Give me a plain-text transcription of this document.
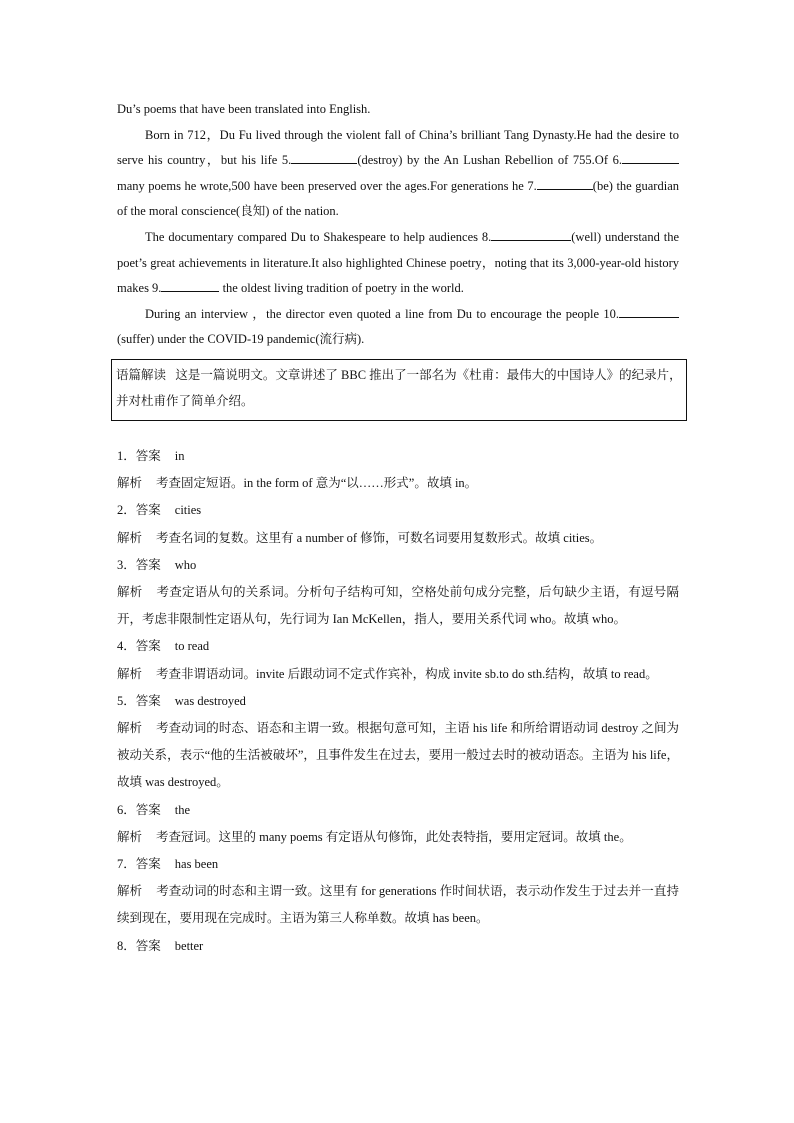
Du’s poems that have been translated into English.

Born in 712，Du Fu lived through the violent fall of China’s brilliant Tang Dynasty.He had the desire to serve his country，but his life 5.	(destroy) by the An Lushan Rebellion of 755.Of 6.many poems he wrote,500 have been preserved over the ages.For generations he 7.	(be) the guardian of the moral conscience(良知) of the nation.

The documentary compared Du to Shakespeare to help audiences 8.	(well) understand the poet’s great achievements in literature.It also highlighted Chinese poetry，noting that its 3,000-year-old history makes 9.	the oldest living tradition of poetry in the world.

During an interview ，the director even quoted a line from Du to encourage the people 10.(suffer) under the COVID-19 pandemic(流行病).

语篇解读 这是一篇说明文。文章讲述了 BBC 推出了一部名为《杜甫：最伟大的中国诗人》的纪录片，并对杜甫作了简单介绍。
1．答案 in
解析 考查固定短语。in the form of 意为“以……形式”。故填 in。
2．答案 cities
解析 考查名词的复数。这里有 a number of 修饰，可数名词要用复数形式。故填 cities。
3．答案 who
解析 考查定语从句的关系词。分析句子结构可知，空格处前句成分完整，后句缺少主语，有逗号隔开，考虑非限制性定语从句，先行词为 Ian McKellen，指人，要用关系代词 who。故填 who。
4．答案 to read
解析 考查非谓语动词。invite 后跟动词不定式作宾补，构成 invite sb.to do sth.结构，故填 to read。
5．答案 was destroyed
解析 考查动词的时态、语态和主谓一致。根据句意可知，主语 his life 和所给谓语动词 destroy 之间为被动关系，表示“他的生活被破坏”，且事件发生在过去，要用一般过去时的被动语态。主语为 his life，故填 was destroyed。
6．答案 the
解析 考查冠词。这里的 many poems 有定语从句修饰，此处表特指，要用定冠词。故填 the。
7．答案 has been
解析 考查动词的时态和主谓一致。这里有 for generations 作时间状语，表示动作发生于过去并一直持续到现在，要用现在完成时。主语为第三人称单数。故填 has been。
8．答案 better
